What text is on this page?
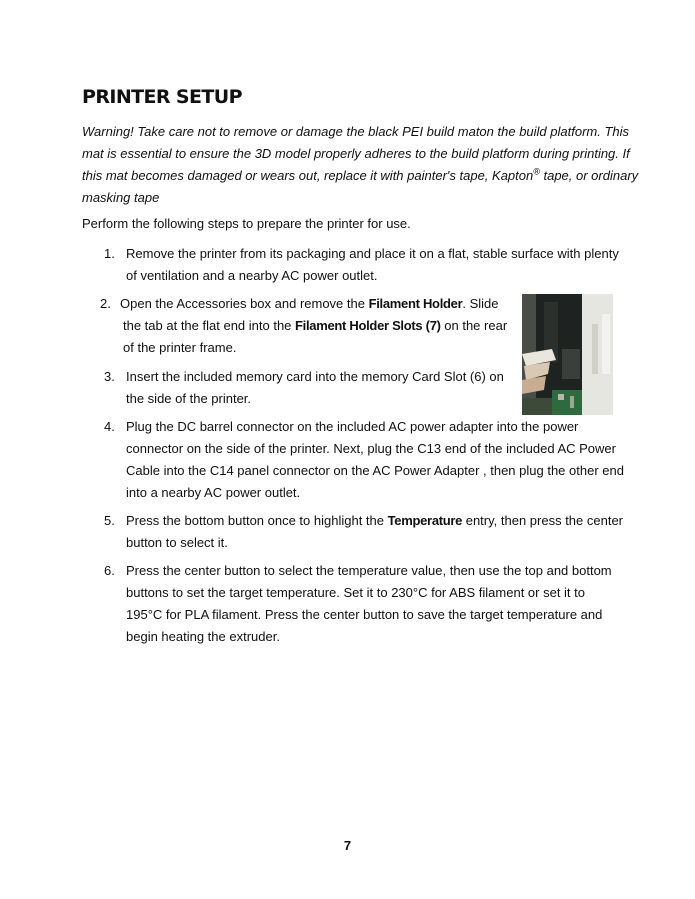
PRINTER SETUP

Warning! Take care not to remove or damage the black PEI build maton the build platform. This mat is essential to ensure the 3D model properly adheres to the build platform during printing. If this mat becomes damaged or wears out, replace it with painter's tape, Kapton® tape, or ordinary masking tape

Perform the following steps to prepare the printer for use.

1. Remove the printer from its packaging and place it on a flat, stable surface with plenty of ventilation and a nearby AC power outlet.
2. Open the Accessories box and remove the Filament Holder. Slide the tab at the flat end into the Filament Holder Slots (7) on the rear of the printer frame.
3. Insert the included memory card into the memory Card Slot (6) on the side of the printer.
4. Plug the DC barrel connector on the included AC power adapter into the power connector on the side of the printer. Next, plug the C13 end of the included AC Power Cable into the C14 panel connector on the AC Power Adapter , then plug the other end into a nearby AC power outlet.
5. Press the bottom button once to highlight the Temperature entry, then press the center button to select it.
6. Press the center button to select the temperature value, then use the top and bottom buttons to set the target temperature. Set it to 230°C for ABS filament or set it to 195°C for PLA filament. Press the center button to save the target temperature and begin heating the extruder.

7
